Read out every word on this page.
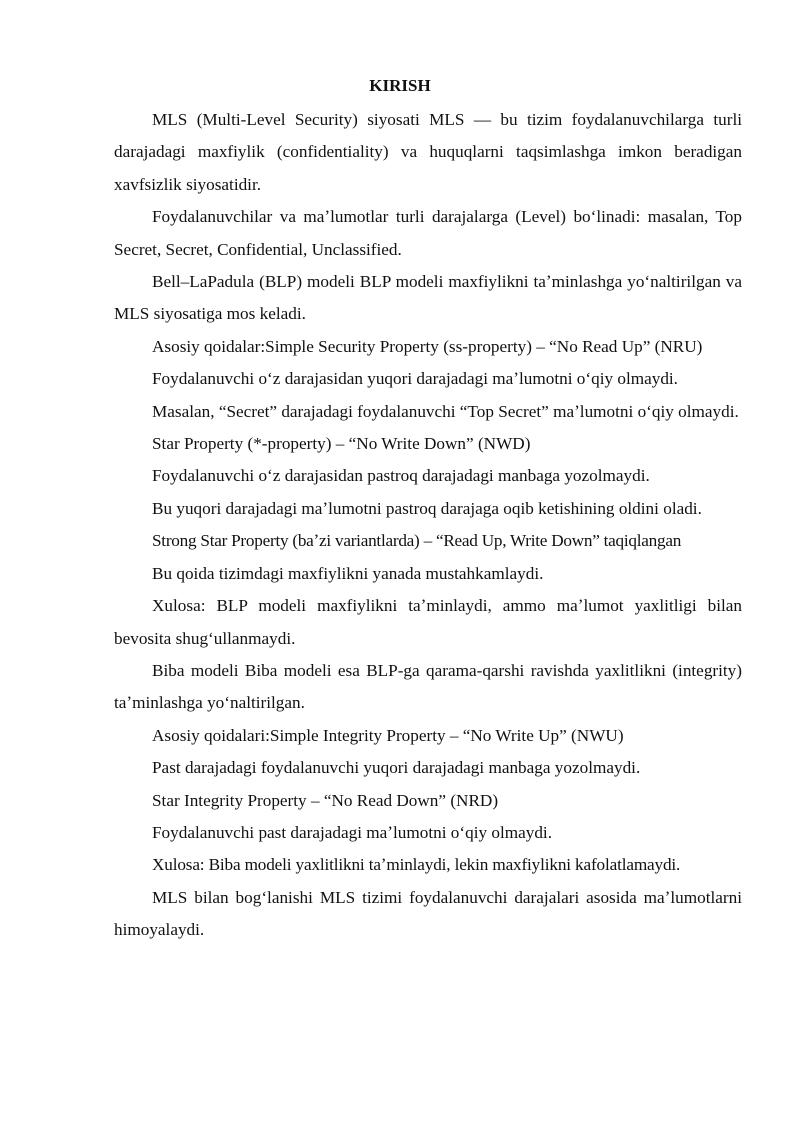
KIRISH

MLS (Multi-Level Security) siyosati MLS — bu tizim foydalanuvchilarga turli darajadagi maxfiylik (confidentiality) va huquqlarni taqsimlashga imkon beradigan xavfsizlik siyosatidir.

Foydalanuvchilar va maʼlumotlar turli darajalarga (Level) boʻlinadi: masalan, Top Secret, Secret, Confidential, Unclassified.

Bell–LaPadula (BLP) modeli BLP modeli maxfiylikni taʼminlashga yoʻnaltirilgan va MLS siyosatiga mos keladi.

Asosiy qoidalar:Simple Security Property (ss-property) – “No Read Up” (NRU)

Foydalanuvchi oʻz darajasidan yuqori darajadagi maʼlumotni oʻqiy olmaydi.

Masalan, “Secret” darajadagi foydalanuvchi “Top Secret” maʼlumotni oʻqiy olmaydi.

Star Property (*-property) – “No Write Down” (NWD)

Foydalanuvchi oʻz darajasidan pastroq darajadagi manbaga yozolmaydi.

Bu yuqori darajadagi maʼlumotni pastroq darajaga oqib ketishining oldini oladi.

Strong Star Property (baʼzi variantlarda) – “Read Up, Write Down” taqiqlangan

Bu qoida tizimdagi maxfiylikni yanada mustahkamlaydi.

Xulosa: BLP modeli maxfiylikni taʼminlaydi, ammo maʼlumot yaxlitligi bilan bevosita shugʻullanmaydi.

Biba modeli Biba modeli esa BLP-ga qarama-qarshi ravishda yaxlitlikni (integrity) taʼminlashga yoʻnaltirilgan.

Asosiy qoidalari:Simple Integrity Property – “No Write Up” (NWU)

Past darajadagi foydalanuvchi yuqori darajadagi manbaga yozolmaydi.

Star Integrity Property – “No Read Down” (NRD)

Foydalanuvchi past darajadagi maʼlumotni oʻqiy olmaydi.

Xulosa: Biba modeli yaxlitlikni taʼminlaydi, lekin maxfiylikni kafolatlamaydi.

MLS bilan bogʻlanishi MLS tizimi foydalanuvchi darajalari asosida maʼlumotlarni himoyalaydi.
